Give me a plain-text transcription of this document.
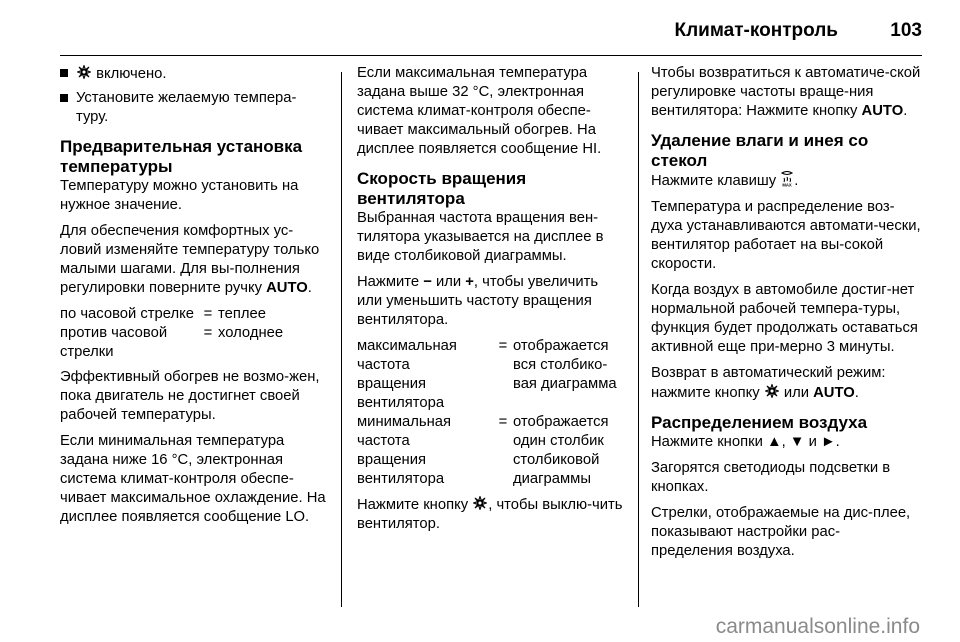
Климат-контроль	103
включено.
Установите желаемую темпера-туру.
Предварительная установка температуры

Температуру можно установить на нужное значение.

Для обеспечения комфортных ус-ловий изменяйте температуру только малыми шагами. Для вы-полнения регулировки поверните ручку AUTO.

по часовой стрелке = теплее
против часовой
стрелки
= холоднее

Эффективный обогрев не возмо-жен, пока двигатель не достигнет своей рабочей температуры.

Если минимальная температура задана ниже 16 °C, электронная система климат-контроля обеспе-чивает максимальное охлаждение. На дисплее появляется сообщение LO.

Если максимальная температура задана выше 32 °C, электронная система климат-контроля обеспе-чивает максимальный обогрев. На дисплее появляется сообщение HI.

Скорость вращения вентилятора

Выбранная частота вращения вен-тилятора указывается на дисплее в виде столбиковой диаграммы.

Нажмите − или +, чтобы увеличить или уменьшить частоту вращения вентилятора.

максимальная
частота
вращения
вентилятора
= отображается
вся столбико-
вая диаграмма
минимальная
частота
вращения
вентилятора
= отображается
один столбик
столбиковой
диаграммы

Нажмите кнопку , чтобы выклю-чить вентилятор.

Чтобы возвратиться к автоматиче-ской регулировке частоты враще-ния вентилятора: Нажмите кнопку AUTO.

Удаление влаги и инея со стекол

Нажмите клавишу MAX .

Температура и распределение воз-духа устанавливаются автомати-чески, вентилятор работает на вы-сокой скорости.

Когда воздух в автомобиле достиг-нет нормальной рабочей темпера-туры, функция будет продолжать оставаться активной еще при-мерно 3 минуты.

Возврат в автоматический режим: нажмите кнопку  или AUTO.

Распределением воздуха

Нажмите кнопки ▲, ▼ и ►.

Загорятся светодиоды подсветки в кнопках.

Стрелки, отображаемые на дис-плее, показывают настройки рас-пределения воздуха.

carmanualsonline.info
